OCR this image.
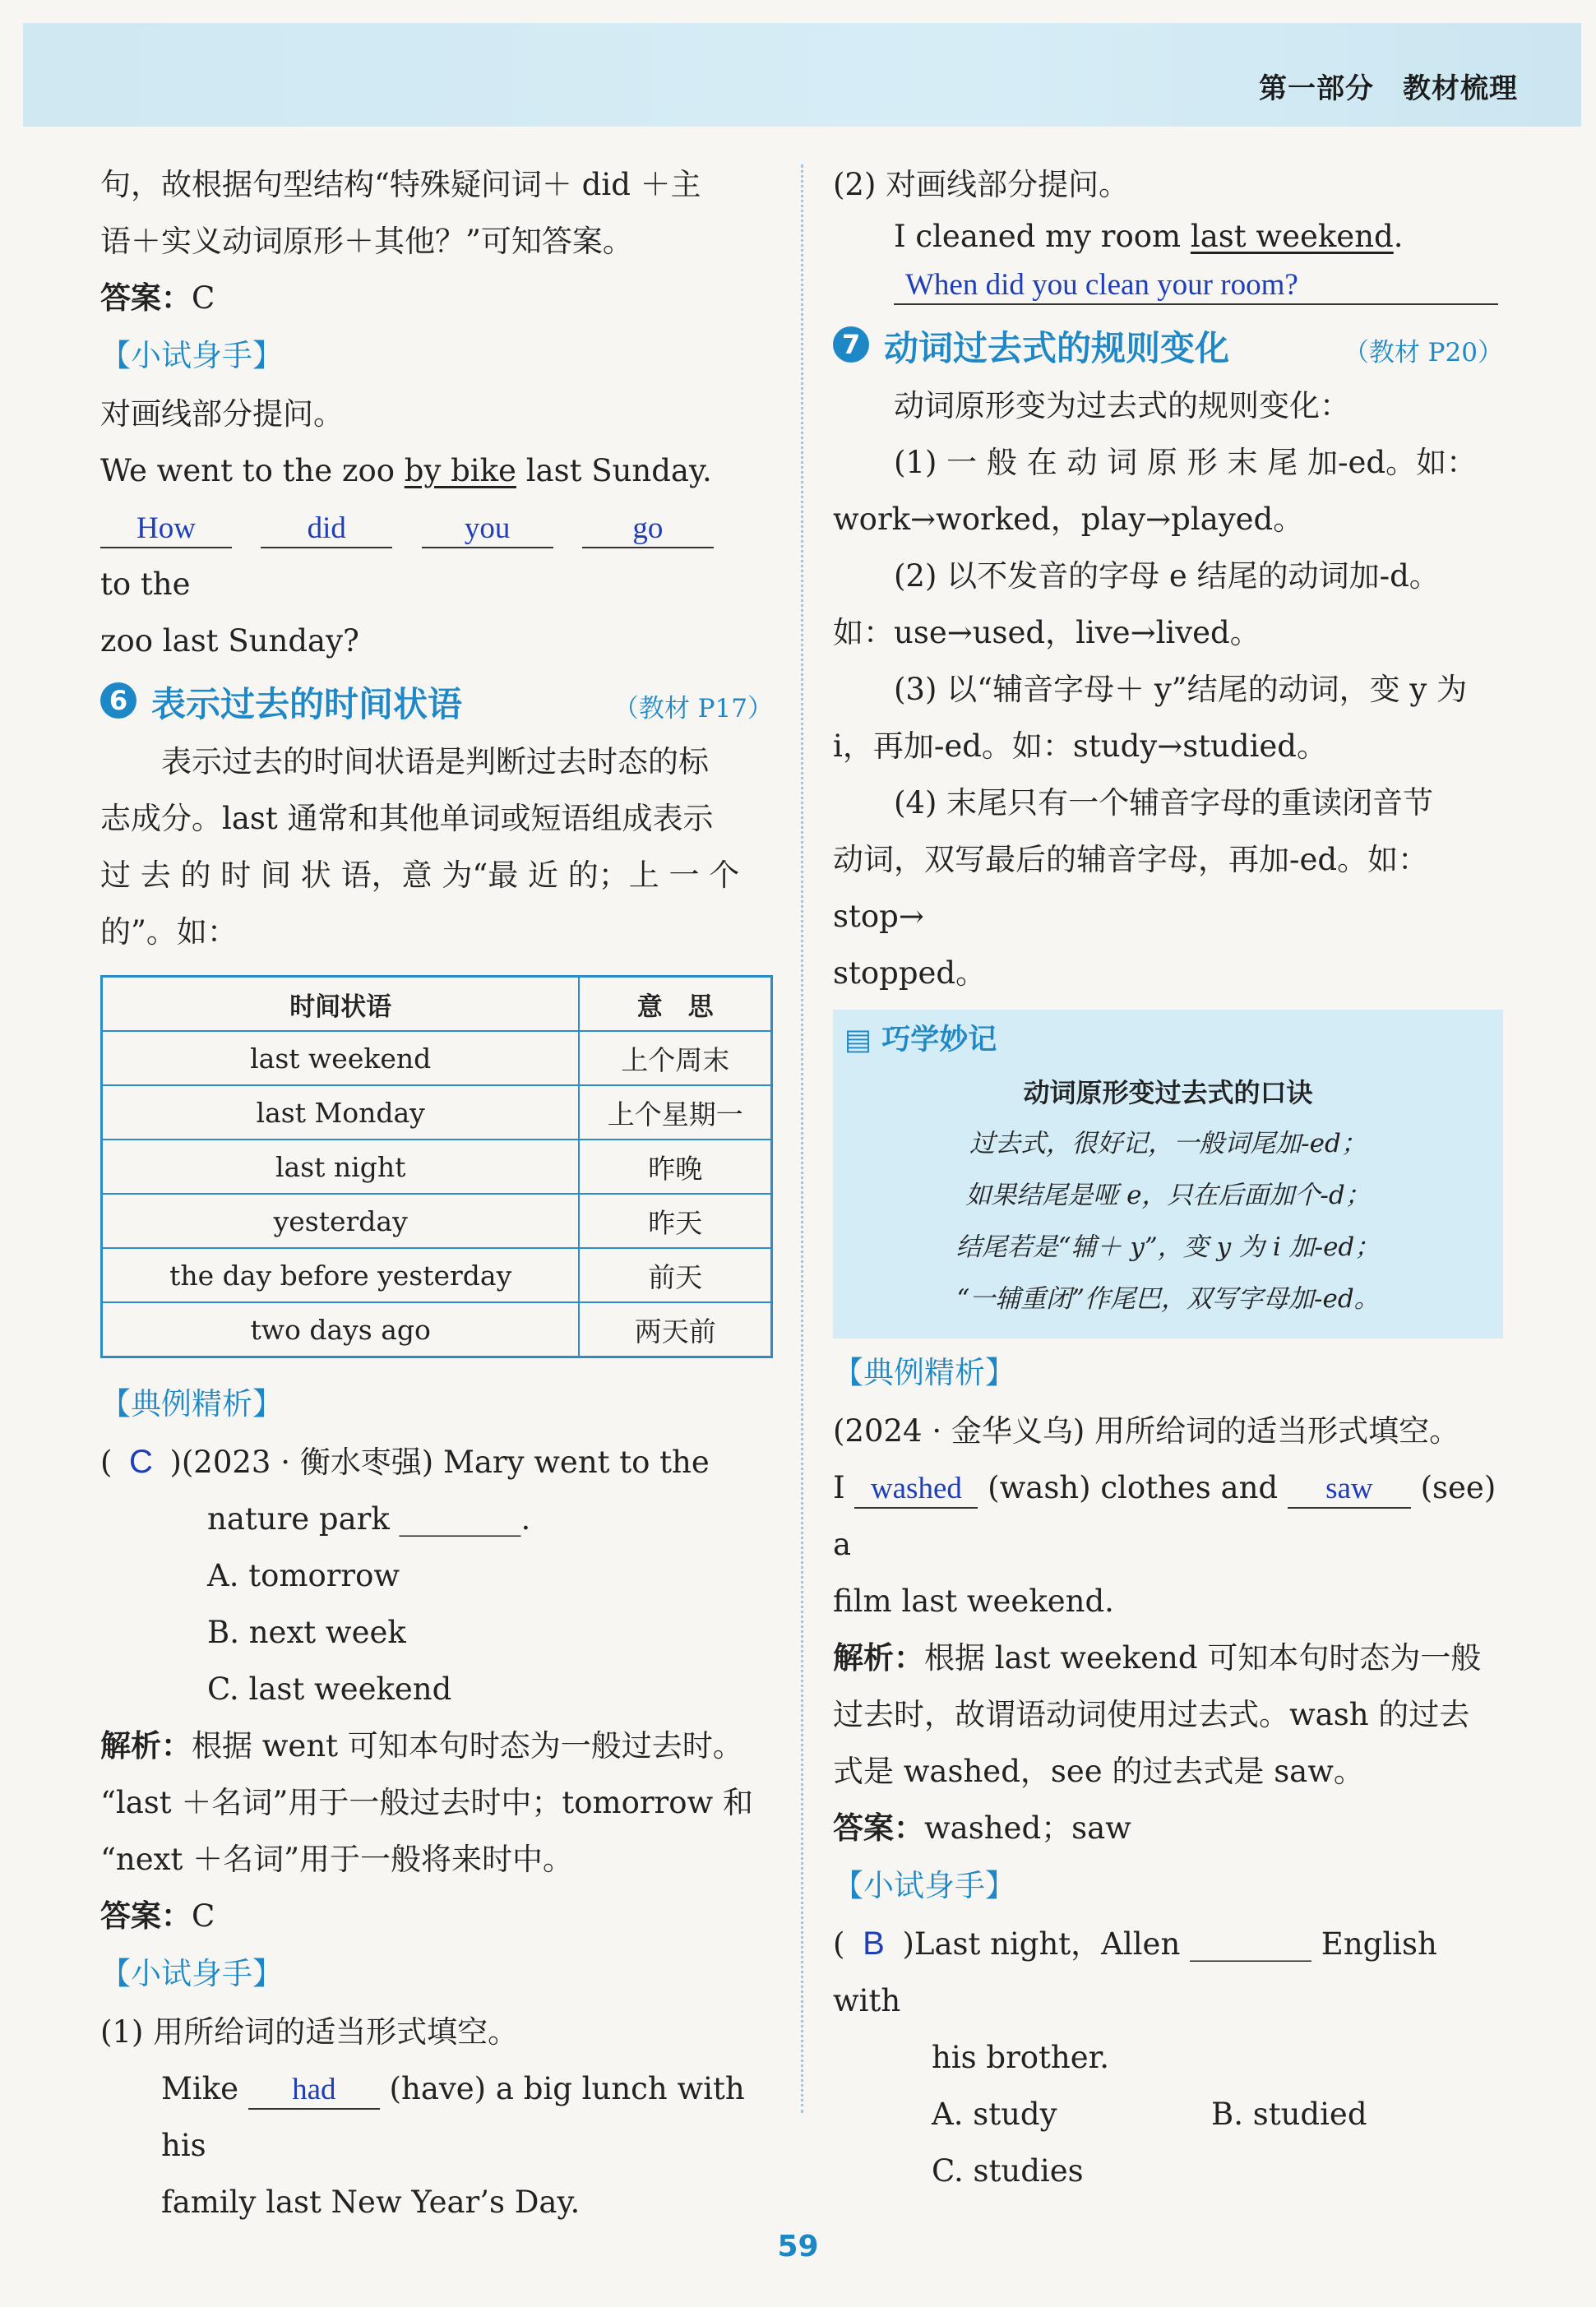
第一部分　教材梳理

句，故根据句型结构“特殊疑问词＋ did ＋主

语＋实义动词原形＋其他？”可知答案。

答案：C

【小试身手】

对画线部分提问。

We went to the zoo by bike last Sunday.

How	did	you	go   to the

zoo last Sunday?

6 表示过去的时间状语	（教材 P17）

表示过去的时间状语是判断过去时态的标

志成分。last 通常和其他单词或短语组成表示

过 去 的 时 间 状 语，意 为“最 近 的；上 一 个

的”。如：

时间状语	意　思
last weekend	上个周末
last Monday	上个星期一
last night	昨晚
yesterday	昨天
the day before yesterday	前天
two days ago	两天前
【典例精析】

( C )(2023 · 衡水枣强) Mary went to the

nature park ________.

A. tomorrow

B. next week

C. last weekend

解析：根据 went 可知本句时态为一般过去时。

“last ＋名词”用于一般过去时中；tomorrow 和

“next ＋名词”用于一般将来时中。

答案：C

【小试身手】

(1) 用所给词的适当形式填空。

Mike had (have) a big lunch with his

family last New Year’s Day.

(2) 对画线部分提问。

I cleaned my room last weekend.

When did you clean your room?

7 动词过去式的规则变化	（教材 P20）

动词原形变为过去式的规则变化：

(1) 一 般 在 动 词 原 形 末 尾 加-ed。如：

work→worked，play→played。

(2) 以不发音的字母 e 结尾的动词加-d。

如：use→used，live→lived。

(3) 以“辅音字母＋ y”结尾的动词，变 y 为

i，再加-ed。如：study→studied。

(4) 末尾只有一个辅音字母的重读闭音节

动词，双写最后的辅音字母，再加-ed。如：stop→

stopped。

▤ 巧学妙记
动词原形变过去式的口诀
过去式，很好记，一般词尾加-ed；
如果结尾是哑 e，只在后面加个-d；
结尾若是“辅＋ y”，变 y 为 i 加-ed；
“一辅重闭”作尾巴，双写字母加-ed。
【典例精析】

(2024 · 金华义乌) 用所给词的适当形式填空。

I washed (wash) clothes and saw (see) a

film last weekend.

解析：根据 last weekend 可知本句时态为一般

过去时，故谓语动词使用过去式。wash 的过去

式是 washed，see 的过去式是 saw。

答案：washed；saw

【小试身手】

( B )Last night，Allen ________ English with

his brother.

A. study	B. studied

C. studies

59
